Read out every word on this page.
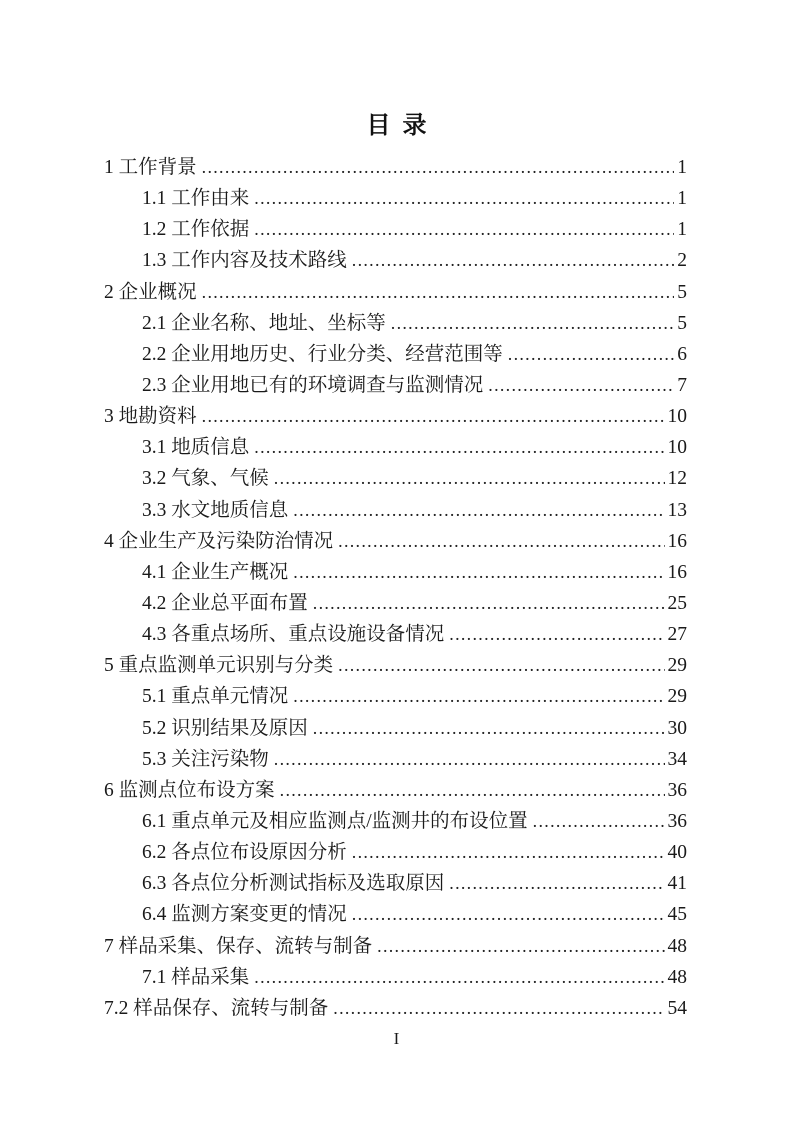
目 录
1 工作背景 .....	1
1.1 工作由来 .....	1
1.2 工作依据 .....	1
1.3 工作内容及技术路线 .....	2
2 企业概况 .....	5
2.1 企业名称、地址、坐标等 .....	5
2.2 企业用地历史、行业分类、经营范围等 .....	6
2.3 企业用地已有的环境调查与监测情况 .....	7
3 地勘资料 .....	10
3.1 地质信息 .....	10
3.2 气象、气候 .....	12
3.3 水文地质信息 .....	13
4 企业生产及污染防治情况 .....	16
4.1 企业生产概况 .....	16
4.2 企业总平面布置 .....	25
4.3 各重点场所、重点设施设备情况 .....	27
5 重点监测单元识别与分类 .....	29
5.1 重点单元情况 .....	29
5.2 识别结果及原因 .....	30
5.3 关注污染物 .....	34
6 监测点位布设方案 .....	36
6.1 重点单元及相应监测点/监测井的布设位置 .....	36
6.2 各点位布设原因分析 .....	40
6.3 各点位分析测试指标及选取原因 .....	41
6.4 监测方案变更的情况 .....	45
7 样品采集、保存、流转与制备 .....	48
7.1 样品采集 .....	48
7.2 样品保存、流转与制备 .....	54
I
